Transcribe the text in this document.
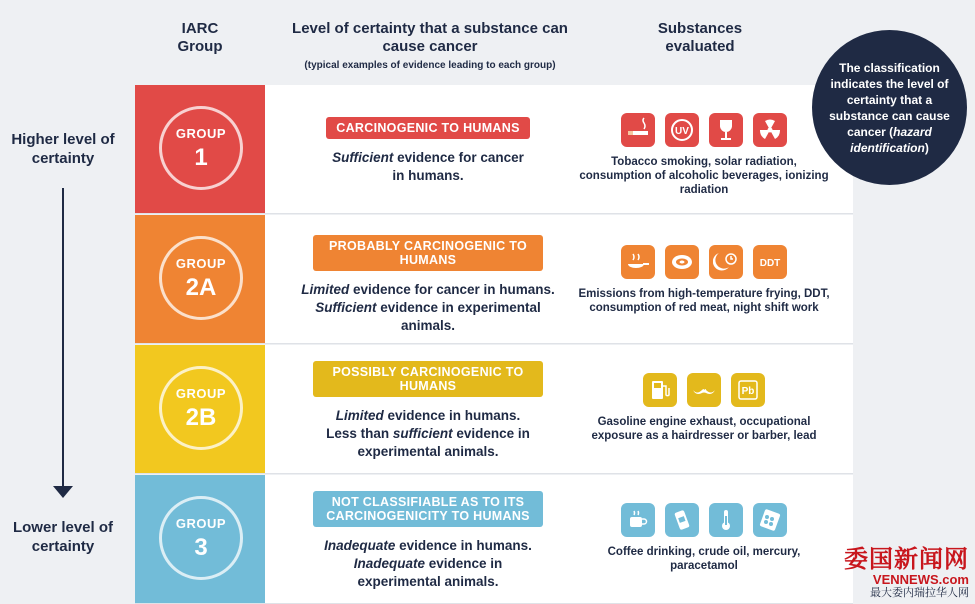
IARC Group
Level of certainty that a substance can cause cancer
(typical examples of evidence leading to each group)
Substances evaluated
Higher level of certainty
Lower level of certainty
GROUP
1
CARCINOGENIC TO HUMANS
Sufficient evidence for cancer
in humans.
UV

Tobacco smoking, solar radiation, consumption of alcoholic beverages, ionizing radiation

GROUP
2A
PROBABLY CARCINOGENIC TO HUMANS
Limited evidence for cancer in humans.
Sufficient evidence in experimental
animals.
DDT

Emissions from high-temperature frying, DDT, consumption of red meat, night shift work

GROUP
2B
POSSIBLY CARCINOGENIC TO HUMANS
Limited evidence in humans.
Less than sufficient evidence in
experimental animals.
Pb

Gasoline engine exhaust, occupational exposure as a hairdresser or barber, lead

GROUP
3
NOT CLASSIFIABLE AS TO ITS CARCINOGENICITY TO HUMANS
Inadequate evidence in humans.
Inadequate evidence in
experimental animals.

Coffee drinking, crude oil, mercury, paracetamol

The classification indicates the level of certainty that a substance can cause cancer (hazard identification)
委国新闻网
VENNEWS.com
最大委内瑞拉华人网
